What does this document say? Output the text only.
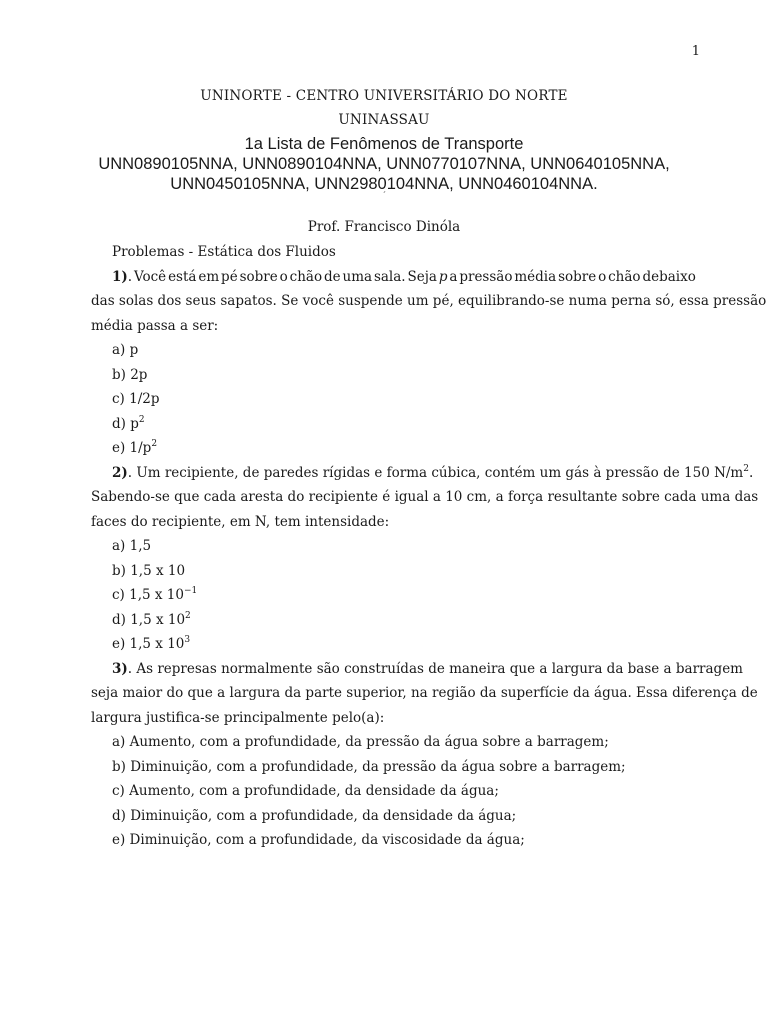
1
UNINORTE - CENTRO UNIVERSITÁRIO DO NORTE
UNINASSAU
1a Lista de Fenômenos de Transporte
UNN0890105NNA, UNN0890104NNA, UNN0770107NNA, UNN0640105NNA,
UNN0450105NNA, UNN2980104NNA, UNN0460104NNA.
´
Prof. Francisco Dinóla
Problemas - Estática dos Fluidos
1). Você está em pé sobre o chão de uma sala. Seja p a pressão média sobre o chão debaixo
das solas dos seus sapatos. Se você suspende um pé, equilibrando-se numa perna só, essa pressão
média passa a ser:
a) p
b) 2p
c) 1/2p
d) $p^2$
e) $1/p^2$
2). Um recipiente, de paredes rígidas e forma cúbica, contém um gás à pressão de 150 $N/m^2$.
Sabendo-se que cada aresta do recipiente é igual a 10 cm, a força resultante sobre cada uma das
faces do recipiente, em N, tem intensidade:
a) 1,5
b) 1,5 x 10
c) 1,5 x $10^{-1}$
d) 1,5 x $10^2$
e) 1,5 x $10^3$
3). As represas normalmente são construídas de maneira que a largura da base a barragem
seja maior do que a largura da parte superior, na região da superfície da água. Essa diferença de
largura justifica-se principalmente pelo(a):
a) Aumento, com a profundidade, da pressão da água sobre a barragem;
b) Diminuição, com a profundidade, da pressão da água sobre a barragem;
c) Aumento, com a profundidade, da densidade da água;
d) Diminuição, com a profundidade, da densidade da água;
e) Diminuição, com a profundidade, da viscosidade da água;
